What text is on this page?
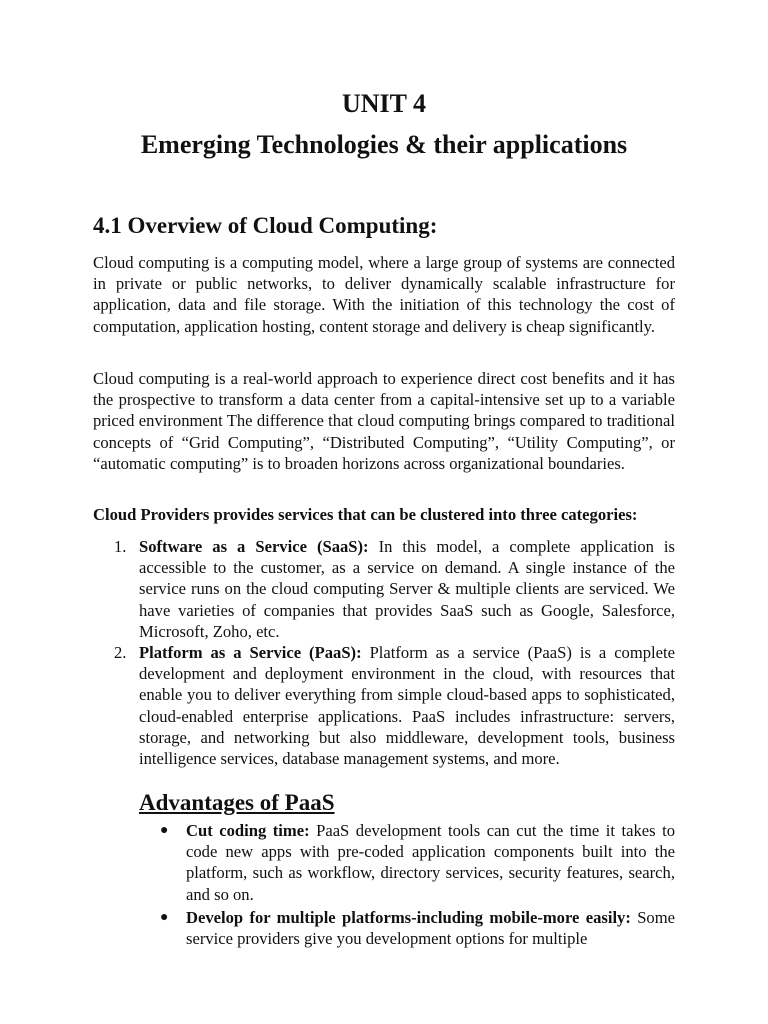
UNIT 4
Emerging Technologies & their applications
4.1 Overview of Cloud Computing:

Cloud computing is a computing model, where a large group of systems are connected in private or public networks, to deliver dynamically scalable infrastructure for application, data and file storage. With the initiation of this technology the cost of computation, application hosting, content storage and delivery is cheap significantly.

Cloud computing is a real-world approach to experience direct cost benefits and it has the prospective to transform a data center from a capital-intensive set up to a variable priced environment The difference that cloud computing brings compared to traditional concepts of “Grid Computing”, “Distributed Computing”, “Utility Computing”, or “automatic computing” is to broaden horizons across organizational boundaries.

Cloud Providers provides services that can be clustered into three categories:

1. Software as a Service (SaaS): In this model, a complete application is accessible to the customer, as a service on demand. A single instance of the service runs on the cloud computing Server & multiple clients are serviced. We have varieties of companies that provides SaaS such as Google, Salesforce, Microsoft, Zoho, etc.
2. Platform as a Service (PaaS): Platform as a service (PaaS) is a complete development and deployment environment in the cloud, with resources that enable you to deliver everything from simple cloud-based apps to sophisticated, cloud-enabled enterprise applications. PaaS includes infrastructure: servers, storage, and networking but also middleware, development tools, business intelligence services, database management systems, and more.
Advantages of PaaS
● Cut coding time: PaaS development tools can cut the time it takes to code new apps with pre-coded application components built into the platform, such as workflow, directory services, security features, search, and so on.
● Develop for multiple platforms-including mobile-more easily: Some service providers give you development options for multiple
